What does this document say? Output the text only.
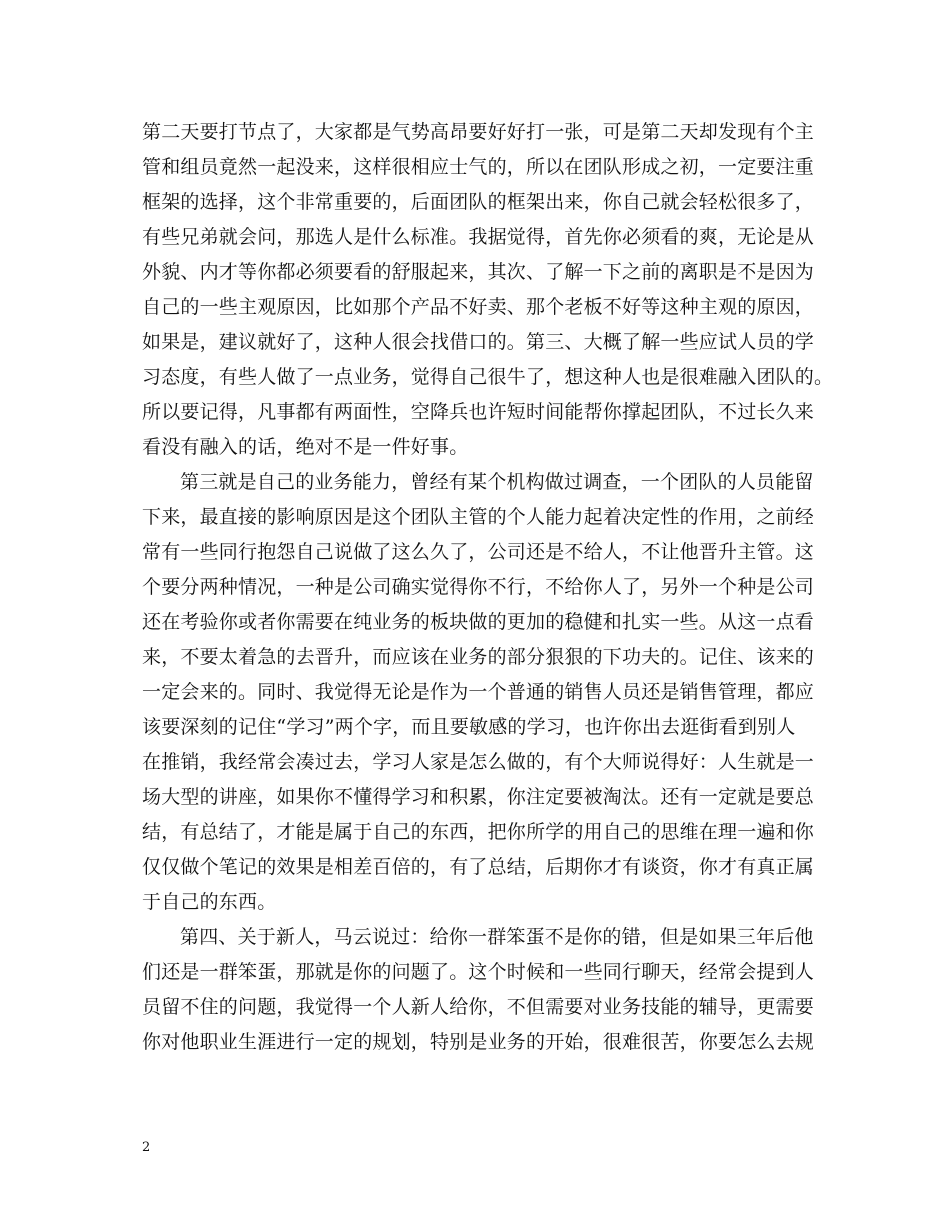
第二天要打节点了，大家都是气势高昂要好好打一张，可是第二天却发现有个主
管和组员竟然一起没来，这样很相应士气的，所以在团队形成之初，一定要注重
框架的选择，这个非常重要的，后面团队的框架出来，你自己就会轻松很多了，
有些兄弟就会问，那选人是什么标准。我据觉得，首先你必须看的爽，无论是从
外貌、内才等你都必须要看的舒服起来，其次、了解一下之前的离职是不是因为
自己的一些主观原因，比如那个产品不好卖、那个老板不好等这种主观的原因，
如果是，建议就好了，这种人很会找借口的。第三、大概了解一些应试人员的学
习态度，有些人做了一点业务，觉得自己很牛了，想这种人也是很难融入团队的。
所以要记得，凡事都有两面性，空降兵也许短时间能帮你撑起团队，不过长久来
看没有融入的话，绝对不是一件好事。
第三就是自己的业务能力，曾经有某个机构做过调查，一个团队的人员能留
下来，最直接的影响原因是这个团队主管的个人能力起着决定性的作用，之前经
常有一些同行抱怨自己说做了这么久了，公司还是不给人，不让他晋升主管。这
个要分两种情况，一种是公司确实觉得你不行，不给你人了，另外一个种是公司
还在考验你或者你需要在纯业务的板块做的更加的稳健和扎实一些。从这一点看
来，不要太着急的去晋升，而应该在业务的部分狠狠的下功夫的。记住、该来的
一定会来的。同时、我觉得无论是作为一个普通的销售人员还是销售管理，都应
该要深刻的记住“学习”两个字，而且要敏感的学习，也许你出去逛街看到别人
在推销，我经常会凑过去，学习人家是怎么做的，有个大师说得好：人生就是一
场大型的讲座，如果你不懂得学习和积累，你注定要被淘汰。还有一定就是要总
结，有总结了，才能是属于自己的东西，把你所学的用自己的思维在理一遍和你
仅仅做个笔记的效果是相差百倍的，有了总结，后期你才有谈资，你才有真正属
于自己的东西。
第四、关于新人，马云说过：给你一群笨蛋不是你的错，但是如果三年后他
们还是一群笨蛋，那就是你的问题了。这个时候和一些同行聊天，经常会提到人
员留不住的问题，我觉得一个人新人给你，不但需要对业务技能的辅导，更需要
你对他职业生涯进行一定的规划，特别是业务的开始，很难很苦，你要怎么去规
2
